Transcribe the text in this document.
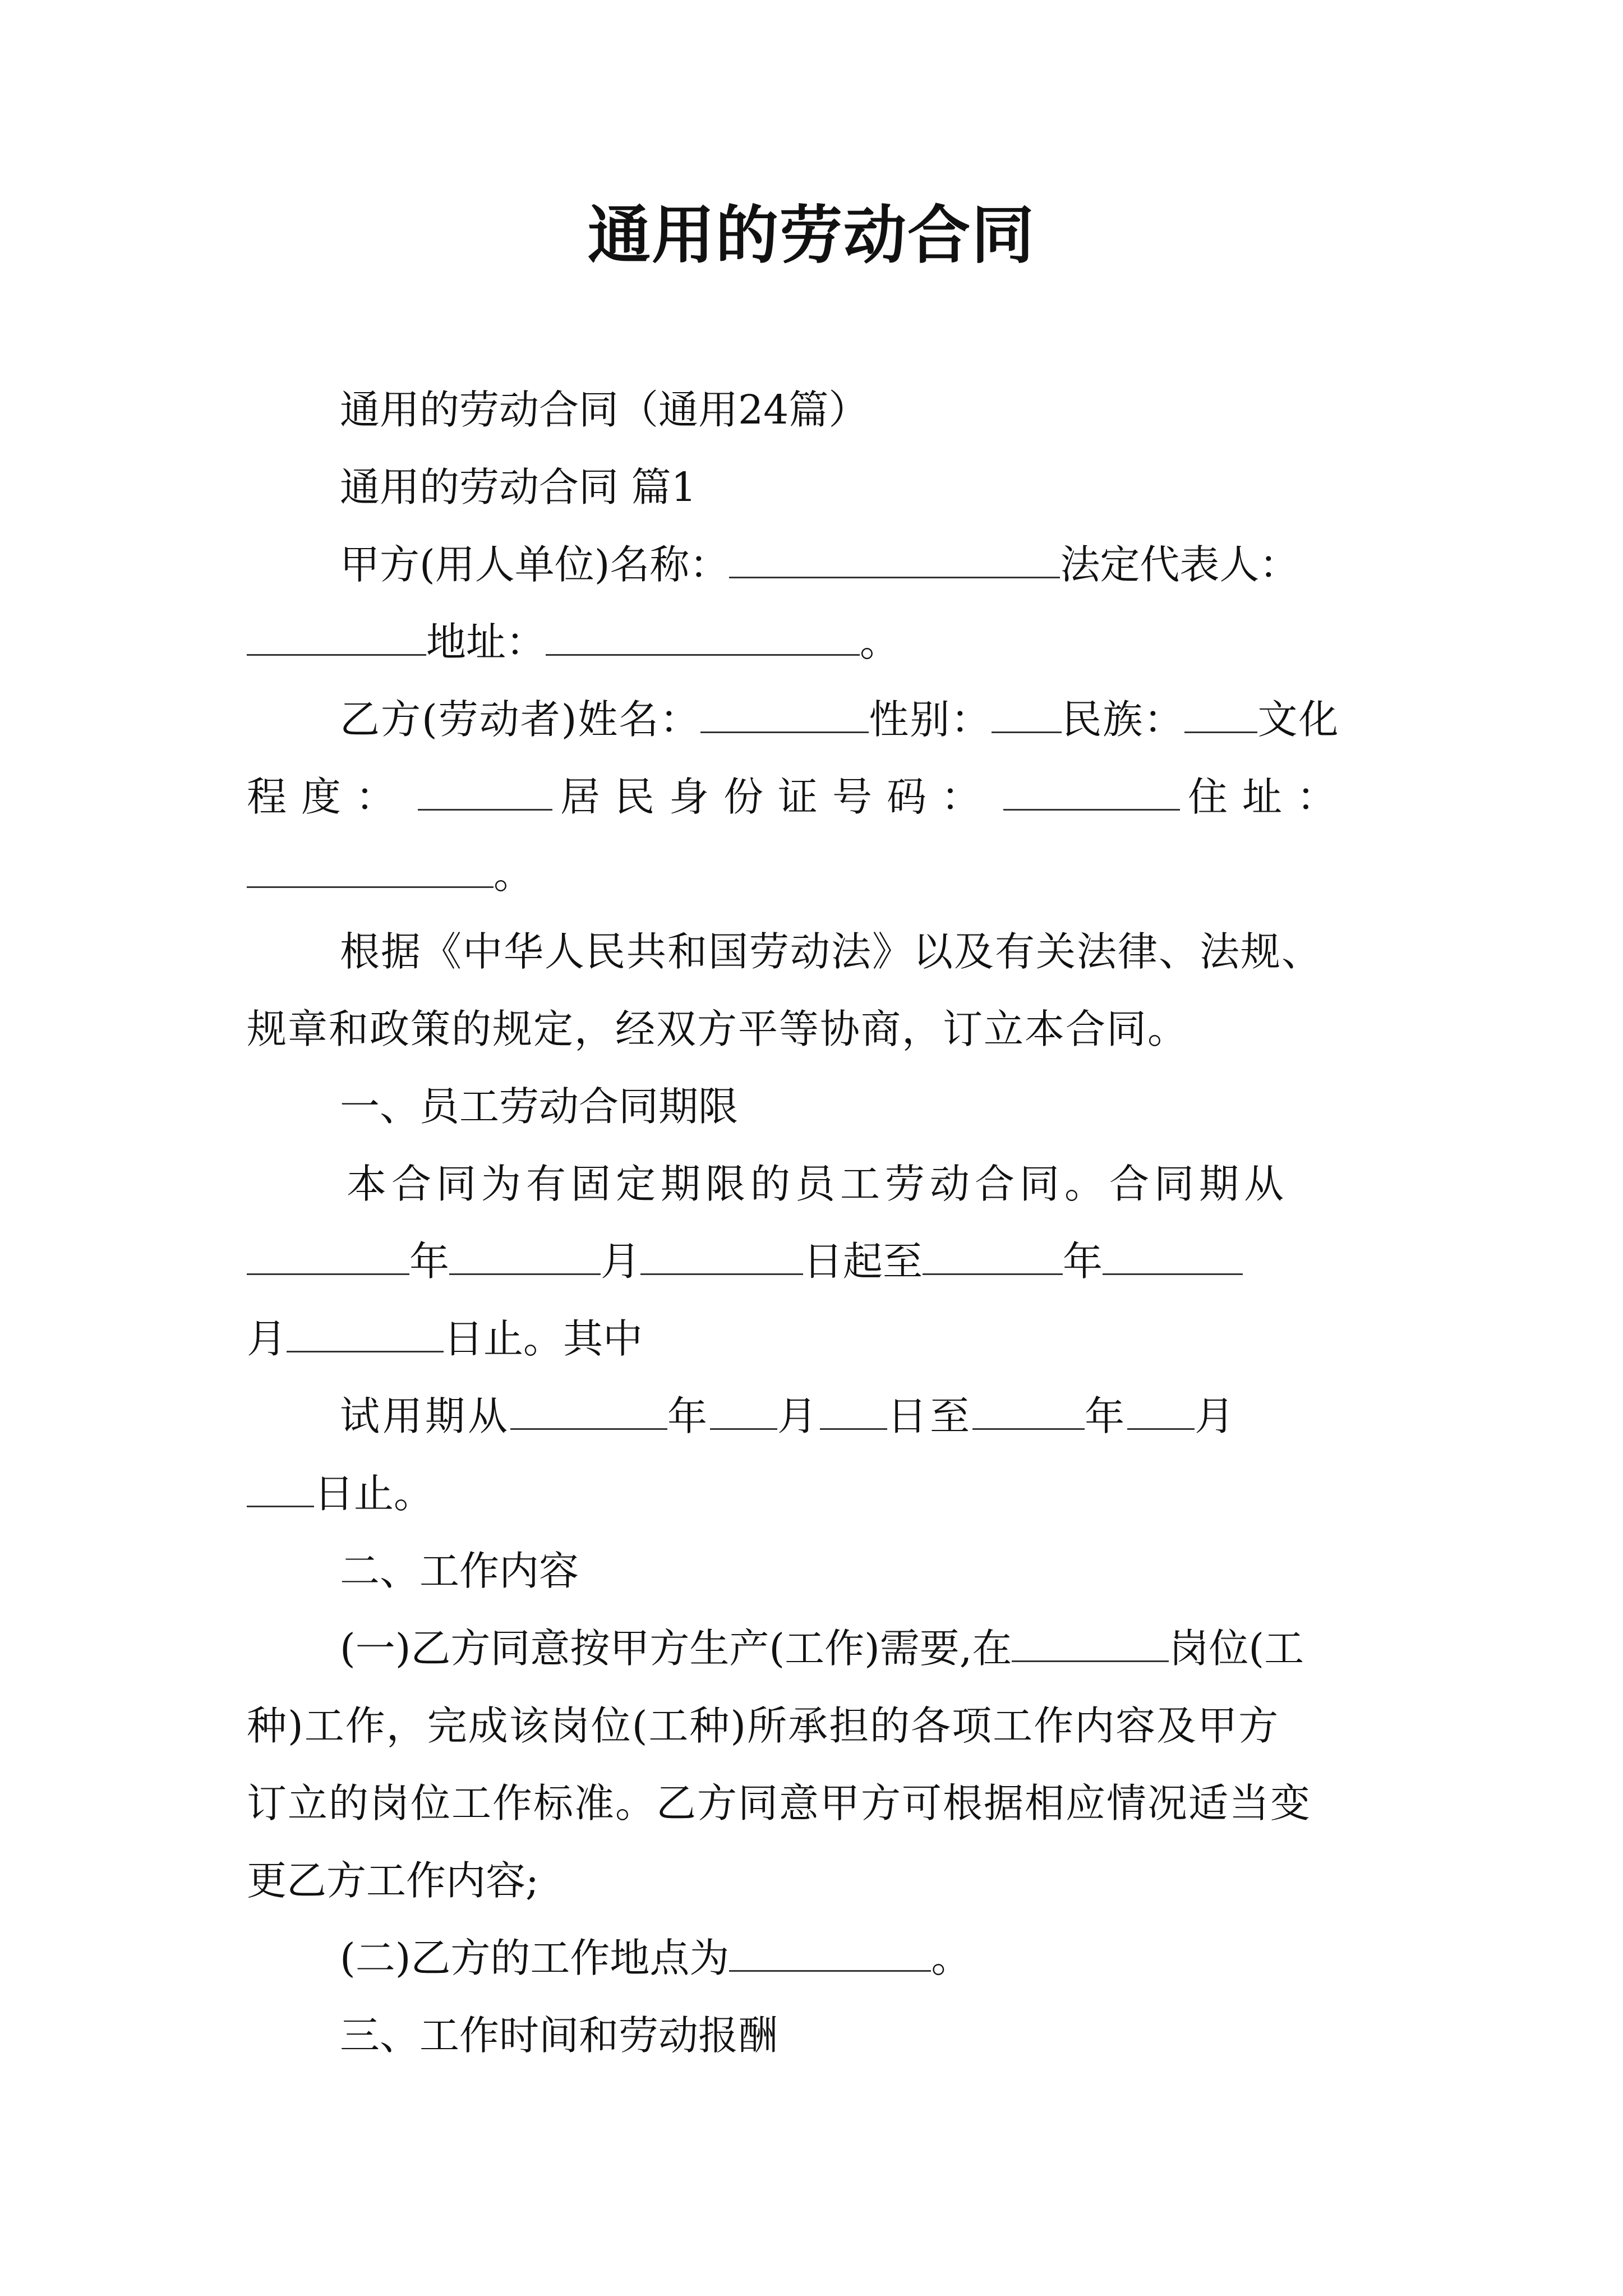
通用的劳动合同

通用的劳动合同（通用24篇）

通用的劳动合同 篇1

甲方(用人单位)名称：	法定代表人：

地址：	。

乙方(劳动者)姓名：	性别： 民族： 文化

程度：	居民身份证号码：	住址：

。

根据《中华人民共和国劳动法》以及有关法律、法规、

规章和政策的规定，经双方平等协商，订立本合同。

一、员工劳动合同期限

本合同为有固定期限的员工劳动合同。合同期从

年	月	日起至	年

月	日止。其中

试用期从	年 月 日至	年 月

日止。

二、工作内容

(一)乙方同意按甲方生产(工作)需要,在	岗位(工

种)工作，完成该岗位(工种)所承担的各项工作内容及甲方

订立的岗位工作标准。乙方同意甲方可根据相应情况适当变

更乙方工作内容;

(二)乙方的工作地点为	。

三、工作时间和劳动报酬
